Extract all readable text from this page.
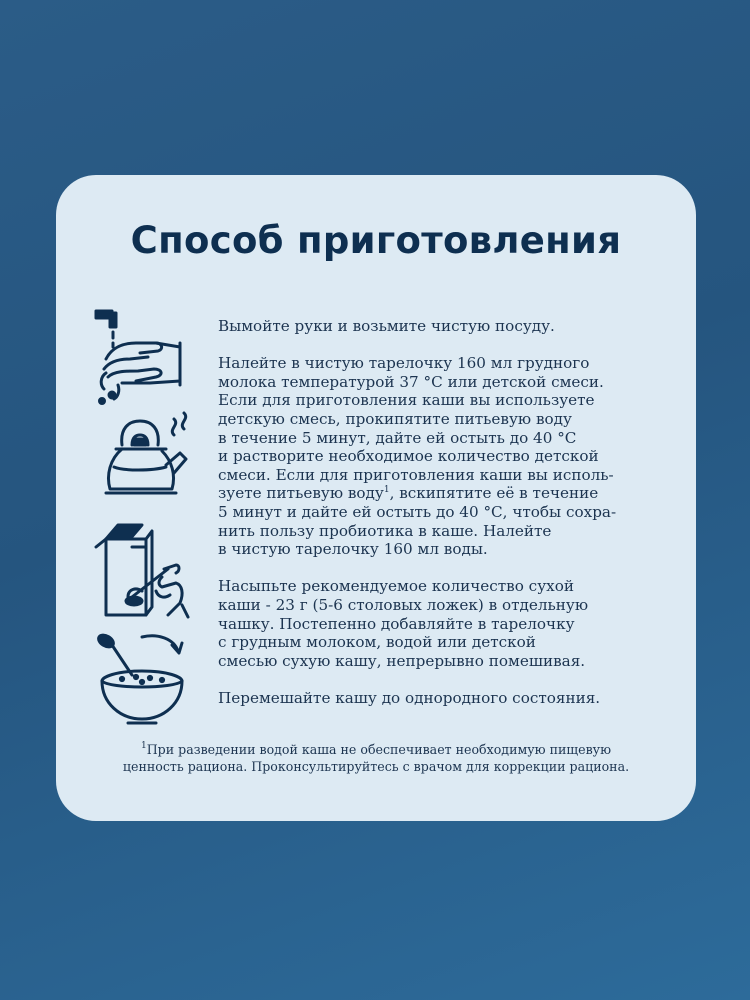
Способ приготовления

Вымойте руки и возьмите чистую посуду.

Налейте в чистую тарелочку 160 мл грудного
молока температурой 37 °С или детской смеси.
Если для приготовления каши вы используете
детскую смесь, прокипятите питьевую воду
в течение 5 минут, дайте ей остыть до 40 °С
и растворите необходимое количество детской
смеси. Если для приготовления каши вы исполь-
зуете питьевую воду$^1$, вскипятите её в течение
5 минут и дайте ей остыть до 40 °С, чтобы сохра-
нить пользу пробиотика в каше. Налейте
в чистую тарелочку 160 мл воды.

Насыпьте рекомендуемое количество сухой
каши - 23 г (5-6 столовых ложек) в отдельную
чашку. Постепенно добавляйте в тарелочку
с грудным молоком, водой или детской
смесью сухую кашу, непрерывно помешивая.

Перемешайте кашу до однородного состояния.

$^1$При разведении водой каша не обеспечивает необходимую пищевую
ценность рациона. Проконсультируйтесь с врачом для коррекции рациона.
